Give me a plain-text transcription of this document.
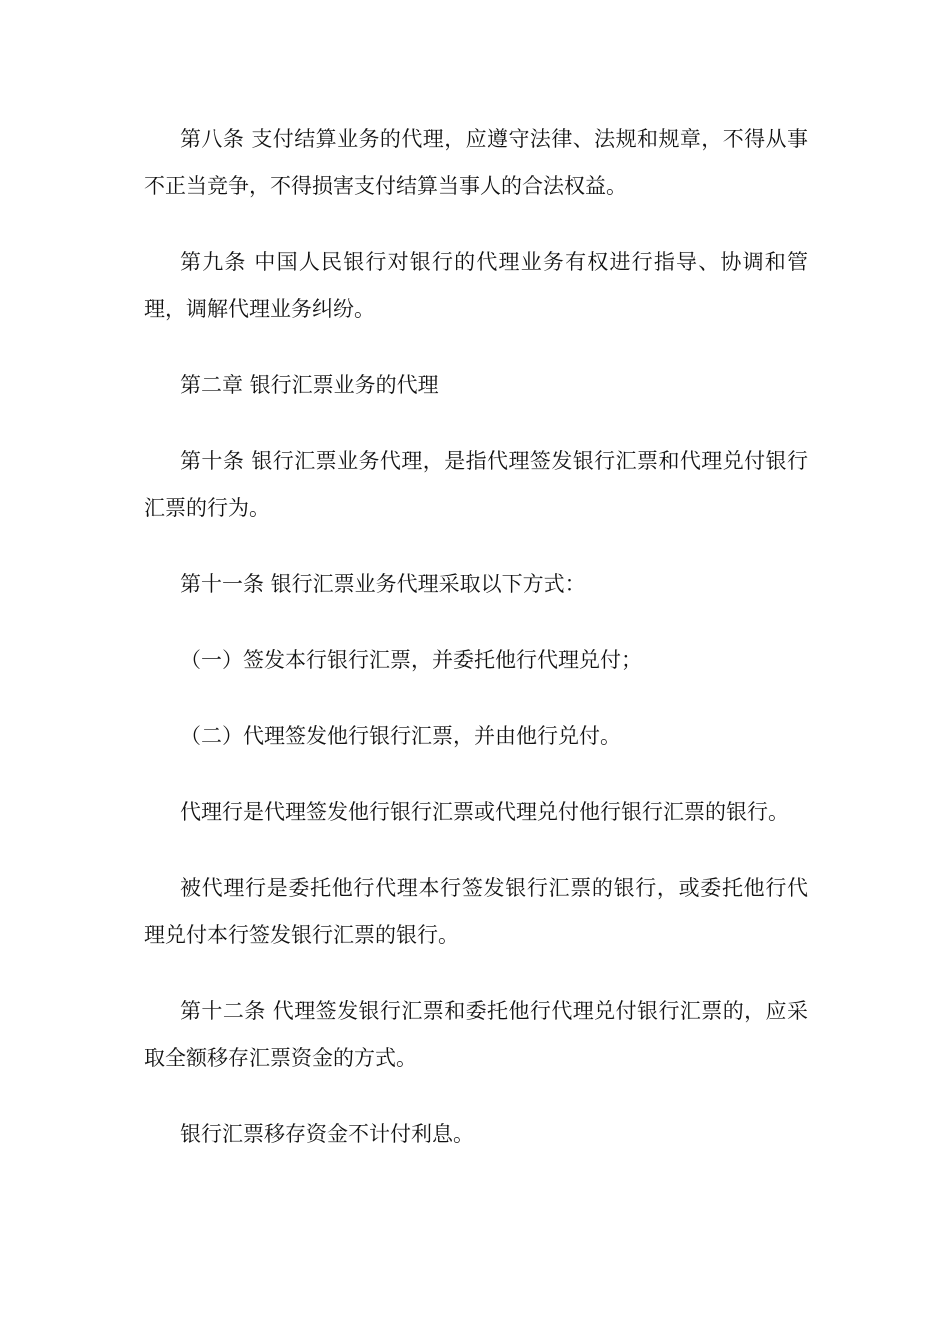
第八条 支付结算业务的代理，应遵守法律、法规和规章，不得从事不正当竞争，不得损害支付结算当事人的合法权益。

第九条 中国人民银行对银行的代理业务有权进行指导、协调和管理，调解代理业务纠纷。

第二章 银行汇票业务的代理

第十条 银行汇票业务代理，是指代理签发银行汇票和代理兑付银行汇票的行为。

第十一条 银行汇票业务代理采取以下方式：

（一）签发本行银行汇票，并委托他行代理兑付；

（二）代理签发他行银行汇票，并由他行兑付。

代理行是代理签发他行银行汇票或代理兑付他行银行汇票的银行。

被代理行是委托他行代理本行签发银行汇票的银行，或委托他行代理兑付本行签发银行汇票的银行。

第十二条 代理签发银行汇票和委托他行代理兑付银行汇票的，应采取全额移存汇票资金的方式。

银行汇票移存资金不计付利息。
